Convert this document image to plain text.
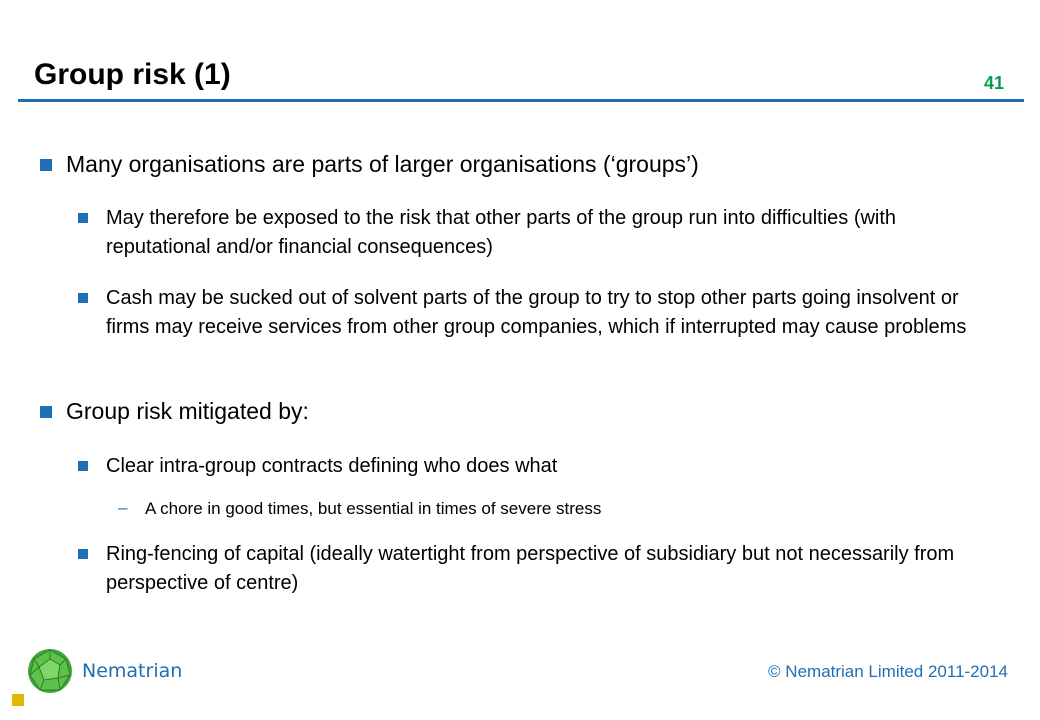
Group risk (1)	41
Many organisations are parts of larger organisations (‘groups’)
May therefore be exposed to the risk that other parts of the group run into difficulties (with reputational and/or financial consequences)
Cash may be sucked out of solvent parts of the group to try to stop other parts going insolvent or firms may receive services from other group companies, which if interrupted may cause problems
Group risk mitigated by:
Clear intra-group contracts defining who does what
– A chore in good times, but essential in times of severe stress
Ring-fencing of capital (ideally watertight from perspective of subsidiary but not necessarily from perspective of centre)
Nematrian	© Nematrian Limited 2011-2014
